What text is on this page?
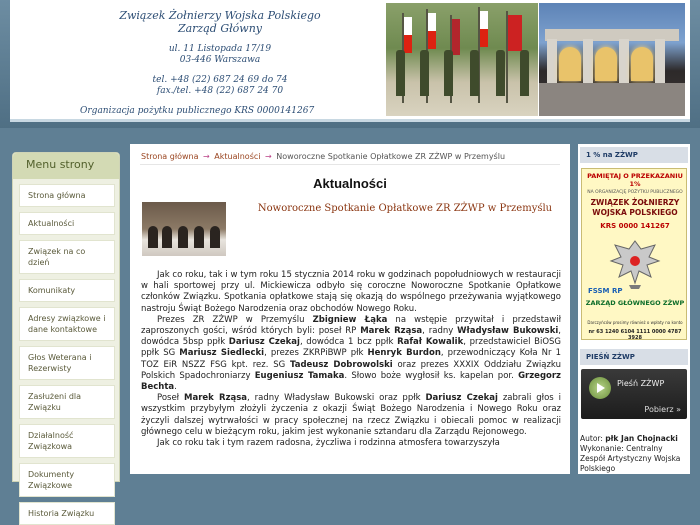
Związek Żołnierzy Wojska Polskiego
Zarząd Główny
ul. 11 Listopada 17/19
03-446 Warszawa
tel. +48 (22) 687 24 69 do 74
fax./tel. +48 (22) 687 24 70
Organizacja pożytku publicznego KRS 0000141267
Menu strony
Strona główna
Aktualności
Związek na co dzień
Komunikaty
Adresy związkowe i dane kontaktowe
Głos Weterana i Rezerwisty
Zasłużeni dla Związku
Działalność Związkowa
Dokumenty Związkowe
Historia Związku
Strona główna → Aktualności → Noworoczne Spotkanie Opłatkowe ZR ZŻWP w Przemyślu
Aktualności
Noworoczne Spotkanie Opłatkowe ZR ZŻWP w Przemyślu

Jak co roku, tak i w tym roku 15 stycznia 2014 roku w godzinach popołudniowych w restauracji w hali sportowej przy ul. Mickiewicza odbyło się coroczne Noworoczne Spotkanie Opłatkowe członków Związku. Spotkania opłatkowe stają się okazją do wspólnego przeżywania wyjątkowego nastroju Świąt Bożego Narodzenia oraz obchodów Nowego Roku.

Prezes ZR ZŻWP w Przemyślu Zbigniew Łąka na wstępie przywitał i przedstawił zaproszonych gości, wśród których byli: poseł RP Marek Rząsa, radny Władysław Bukowski, dowódca 5bsp ppłk Dariusz Czekaj, dowódca 1 bcz ppłk Rafał Kowalik, przedstawiciel BiOSG ppłk SG Mariusz Siedlecki, prezes ZKRPiBWP płk Henryk Burdon, przewodniczący Koła Nr 1 TOZ EiR NSZZ FSG kpt. rez. SG Tadeusz Dobrowolski oraz prezes XXXIX Oddziału Związku Polskich Spadochroniarzy Eugeniusz Tamaka. Słowo boże wygłosił ks. kapelan por. Grzegorz Bechta.

Poseł Marek Rząsa, radny Władysław Bukowski oraz ppłk Dariusz Czekaj zabrali głos i wszystkim przybyłym złożyli życzenia z okazji Świąt Bożego Narodzenia i Nowego Roku oraz życzyli dalszej wytrwałości w pracy społecznej na rzecz Związku i obiecali pomoc w realizacji głównego celu w bieżącym roku, jakim jest wykonanie sztandaru dla Zarządu Rejonowego.

Jak co roku tak i tym razem radosna, życzliwa i rodzinna atmosfera towarzyszyła

1 % na ZŻWP
PAMIĘTAJ O PRZEKAZANIU 1%
NA ORGANIZACJĘ POŻYTKU PUBLICZNEGO
ZWIĄZEK ŻOŁNIERZY WOJSKA POLSKIEGO
KRS 0000 141267
FSSM RP
ZARZĄD GŁÓWNEGO ZŻWP
Darczyńców prosimy również o wpłaty na konto
nr 63 1240 6104 1111 0000 4787 3928
PIEŚŃ ZŻWP
Pieśń ZŻWP
Pobierz »
Autor: płk Jan Chojnacki
Wykonanie: Centralny Zespół Artystyczny Wojska Polskiego
